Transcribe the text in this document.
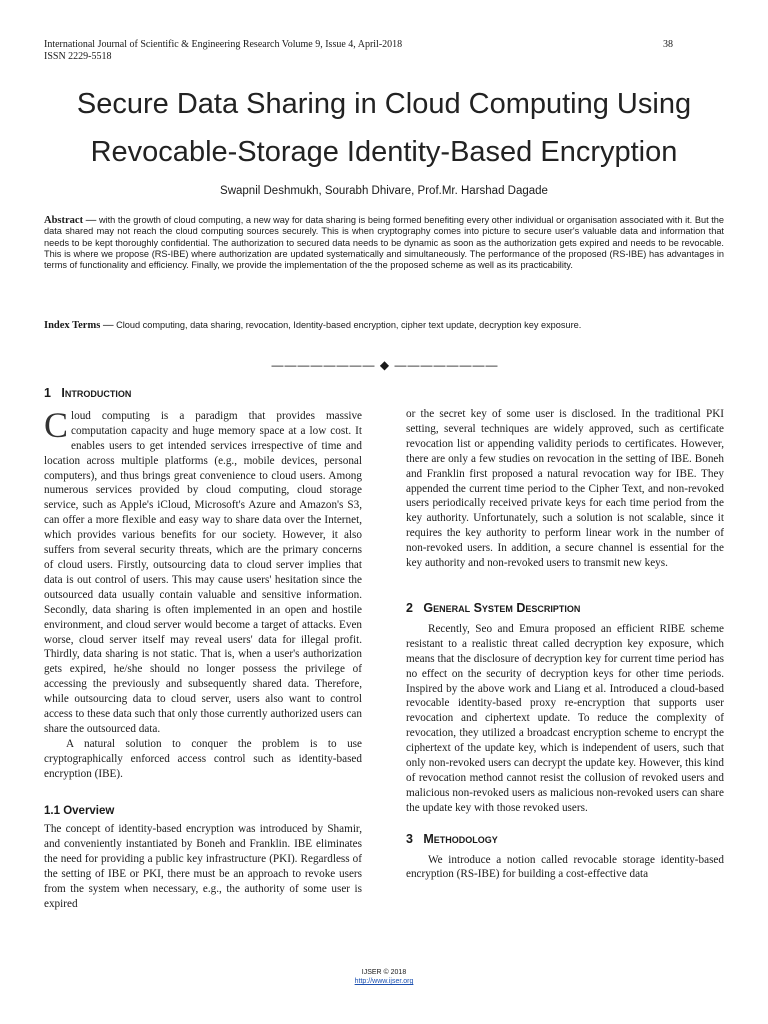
International Journal of Scientific & Engineering Research Volume 9, Issue 4, April-2018
ISSN 2229-5518
38
Secure Data Sharing in Cloud Computing Using
Revocable-Storage Identity-Based Encryption
Swapnil Deshmukh, Sourabh Dhivare, Prof.Mr. Harshad Dagade
Abstract — with the growth of cloud computing, a new way for data sharing is being formed benefiting every other individual or organisation associated with it. But the data shared may not reach the cloud computing sources securely. This is when cryptography comes into picture to secure user's valuable data and information that needs to be kept thoroughly confidential. The authorization to secured data needs to be dynamic as soon as the authorization gets expired and needs to be revocable. This is where we propose (RS-IBE) where authorization are updated systematically and simultaneously. The performance of the proposed (RS-IBE) has advantages in terms of functionality and efficiency. Finally, we provide the implementation of the the proposed scheme as well as its practicability.
Index Terms — Cloud computing, data sharing, revocation, Identity-based encryption, cipher text update, decryption key exposure.
———————— ◆ ————————
1 Introduction

Cloud computing is a paradigm that provides massive computation capacity and huge memory space at a low cost. It enables users to get intended services irrespective of time and location across multiple platforms (e.g., mobile devices, personal computers), and thus brings great convenience to cloud users. Among numerous services provided by cloud computing, cloud storage service, such as Apple's iCloud, Microsoft's Azure and Amazon's S3, can offer a more flexible and easy way to share data over the Internet, which provides various benefits for our society. However, it also suffers from several security threats, which are the primary concerns of cloud users. Firstly, outsourcing data to cloud server implies that data is out control of users. This may cause users' hesitation since the outsourced data usually contain valuable and sensitive information. Secondly, data sharing is often implemented in an open and hostile environment, and cloud server would become a target of attacks. Even worse, cloud server itself may reveal users' data for illegal profit. Thirdly, data sharing is not static. That is, when a user's authorization gets expired, he/she should no longer possess the privilege of accessing the previously and subsequently shared data. Therefore, while outsourcing data to cloud server, users also want to control access to these data such that only those currently authorized users can share the outsourced data.

A natural solution to conquer the problem is to use cryptographically enforced access control such as identity-based encryption (IBE).

1.1 Overview

The concept of identity-based encryption was introduced by Shamir, and conveniently instantiated by Boneh and Franklin. IBE eliminates the need for providing a public key infrastructure (PKI). Regardless of the setting of IBE or PKI, there must be an approach to revoke users from the system when necessary, e.g., the authority of some user is expired

or the secret key of some user is disclosed. In the traditional PKI setting, several techniques are widely approved, such as certificate revocation list or appending validity periods to certificates. However, there are only a few studies on revocation in the setting of IBE. Boneh and Franklin first proposed a natural revocation way for IBE. They appended the current time period to the Cipher Text, and non-revoked users periodically received private keys for each time period from the key authority. Unfortunately, such a solution is not scalable, since it requires the key authority to perform linear work in the number of non-revoked users. In addition, a secure channel is essential for the key authority and non-revoked users to transmit new keys.

2 General System Description

Recently, Seo and Emura proposed an efficient RIBE scheme resistant to a realistic threat called decryption key exposure, which means that the disclosure of decryption key for current time period has no effect on the security of decryption keys for other time periods. Inspired by the above work and Liang et al. Introduced a cloud-based revocable identity-based proxy re-encryption that supports user revocation and ciphertext update. To reduce the complexity of revocation, they utilized a broadcast encryption scheme to encrypt the ciphertext of the update key, which is independent of users, such that only non-revoked users can decrypt the update key. However, this kind of revocation method cannot resist the collusion of revoked users and malicious non-revoked users as malicious non-revoked users can share the update key with those revoked users.

3 Methodology

We introduce a notion called revocable storage identity-based encryption (RS-IBE) for building a cost-effective data

IJSER © 2018
http://www.ijser.org
